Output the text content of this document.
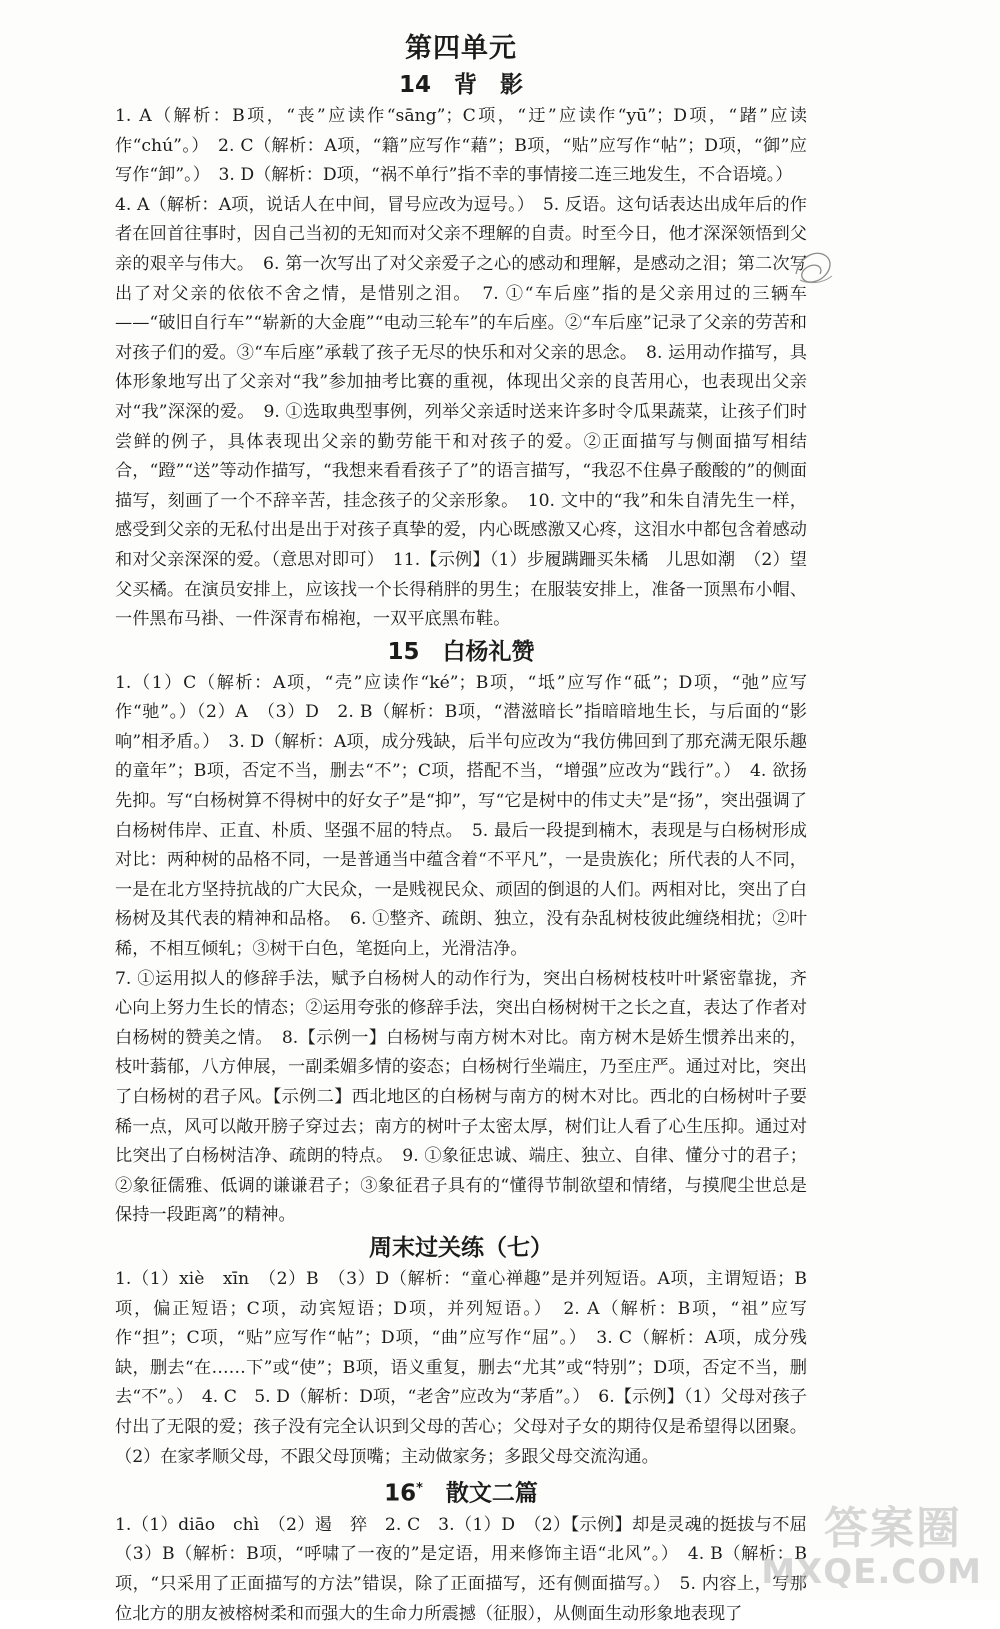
第四单元
14　背　影

1. A（解析：B项，“丧”应读作“sāng”；C项，“迂”应读作“yū”；D项，“踷”应读作“chú”。）　2. C（解析：A项，“籍”应写作“藉”；B项，“贴”应写作“帖”；D项，“御”应写作“卸”。）　3. D（解析：D项，“祸不单行”指不幸的事情接二连三地发生，不合语境。）

4. A（解析：A项，说话人在中间，冒号应改为逗号。）　5. 反语。这句话表达出成年后的作者在回首往事时，因自己当初的无知而对父亲不理解的自责。时至今日，他才深深领悟到父亲的艰辛与伟大。　6. 第一次写出了对父亲爱子之心的感动和理解，是感动之泪；第二次写出了对父亲的依依不舍之情，是惜别之泪。　7. ①“车后座”指的是父亲用过的三辆车——“破旧自行车”“崭新的大金鹿”“电动三轮车”的车后座。②“车后座”记录了父亲的劳苦和对孩子们的爱。③“车后座”承载了孩子无尽的快乐和对父亲的思念。　8. 运用动作描写，具体形象地写出了父亲对“我”参加抽考比赛的重视，体现出父亲的良苦用心，也表现出父亲对“我”深深的爱。　9. ①选取典型事例，列举父亲适时送来许多时令瓜果蔬菜，让孩子们时尝鲜的例子，具体表现出父亲的勤劳能干和对孩子的爱。②正面描写与侧面描写相结合，“蹬”“送”等动作描写，“我想来看看孩子了”的语言描写，“我忍不住鼻子酸酸的”的侧面描写，刻画了一个不辞辛苦，挂念孩子的父亲形象。　10. 文中的“我”和朱自清先生一样，感受到父亲的无私付出是出于对孩子真挚的爱，内心既感激又心疼，这泪水中都包含着感动和对父亲深深的爱。（意思对即可）　11.【示例】（1）步履蹒跚买朱橘　儿思如潮　（2）望父买橘。在演员安排上，应该找一个长得稍胖的男生；在服装安排上，准备一顶黑布小帽、一件黑布马褂、一件深青布棉袍，一双平底黑布鞋。

15　白杨礼赞

1.（1）C（解析：A项，“壳”应读作“ké”；B项，“坻”应写作“砥”；D项，“弛”应写作“驰”。）（2）A　（3）D　2. B（解析：B项，“潜滋暗长”指暗暗地生长，与后面的“影响”相矛盾。）　3. D（解析：A项，成分残缺，后半句应改为“我仿佛回到了那充满无限乐趣的童年”；B项，否定不当，删去“不”；C项，搭配不当，“增强”应改为“践行”。）　4. 欲扬先抑。写“白杨树算不得树中的好女子”是“抑”，写“它是树中的伟丈夫”是“扬”，突出强调了白杨树伟岸、正直、朴质、坚强不屈的特点。　5. 最后一段提到楠木，表现是与白杨树形成对比：两种树的品格不同，一是普通当中蕴含着“不平凡”，一是贵族化；所代表的人不同，一是在北方坚持抗战的广大民众，一是贱视民众、顽固的倒退的人们。两相对比，突出了白杨树及其代表的精神和品格。　6. ①整齐、疏朗、独立，没有杂乱树枝彼此缠绕相扰；②叶稀，不相互倾轧；③树干白色，笔挺向上，光滑洁净。

7. ①运用拟人的修辞手法，赋予白杨树人的动作行为，突出白杨树枝枝叶叶紧密靠拢，齐心向上努力生长的情态；②运用夸张的修辞手法，突出白杨树树干之长之直，表达了作者对白杨树的赞美之情。　8.【示例一】白杨树与南方树木对比。南方树木是娇生惯养出来的，枝叶蓊郁，八方伸展，一副柔媚多情的姿态；白杨树行坐端庄，乃至庄严。通过对比，突出了白杨树的君子风。【示例二】西北地区的白杨树与南方的树木对比。西北的白杨树叶子要稀一点，风可以敞开膀子穿过去；南方的树叶子太密太厚，树们让人看了心生压抑。通过对比突出了白杨树洁净、疏朗的特点。　9. ①象征忠诚、端庄、独立、自律、懂分寸的君子；②象征儒雅、低调的谦谦君子；③象征君子具有的“懂得节制欲望和情绪，与摸爬尘世总是保持一段距离”的精神。

周末过关练（七）

1.（1）xiè　xīn　（2）B　（3）D（解析：“童心禅趣”是并列短语。A项，主谓短语；B项，偏正短语；C项，动宾短语；D项，并列短语。）　2. A（解析：B项，“祖”应写作“担”；C项，“贴”应写作“帖”；D项，“曲”应写作“屈”。）　3. C（解析：A项，成分残缺，删去“在……下”或“使”；B项，语义重复，删去“尤其”或“特别”；D项，否定不当，删去“不”。）　4. C　5. D（解析：D项，“老舍”应改为“茅盾”。）　6.【示例】（1）父母对孩子付出了无限的爱；孩子没有完全认识到父母的苦心；父母对子女的期待仅是希望得以团聚。（2）在家孝顺父母，不跟父母顶嘴；主动做家务；多跟父母交流沟通。

16*　散文二篇

1.（1）diāo　chì　（2）遏　猝　2. C　3.（1）D　（2）【示例】却是灵魂的挺拔与不屈　（3）B（解析：B项，“呼啸了一夜的”是定语，用来修饰主语“北风”。）　4. B（解析：B项，“只采用了正面描写的方法”错误，除了正面描写，还有侧面描写。）　5. 内容上，写那位北方的朋友被榕树柔和而强大的生命力所震撼（征服），从侧面生动形象地表现了

答案圈
MXQE.COM
